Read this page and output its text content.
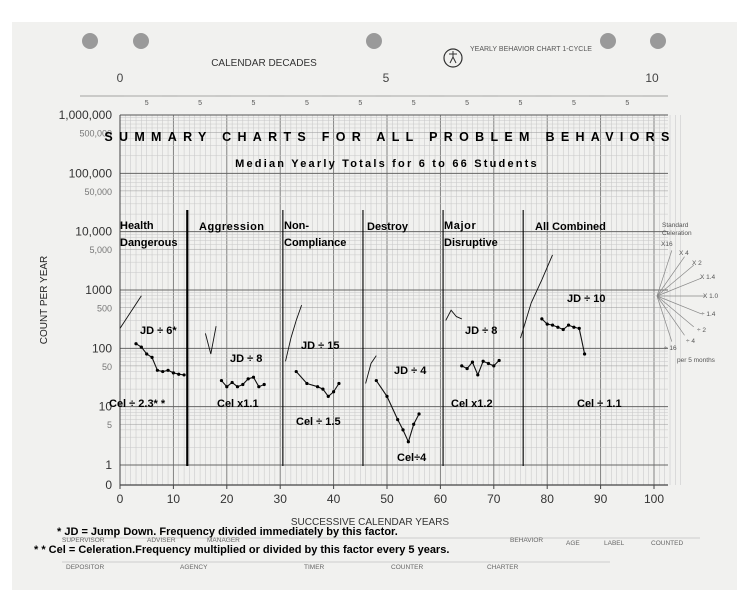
CALENDAR DECADES
YEARLY BEHAVIOR CHART 1-CYCLE
0	5	10
5	5	5	5	5	5	5	5	5	5
1,000,000
500,000
100,000
50,000
10,000
5,000
1000
500
100
50
10
5
1
0
0	10	20	30	40	50	60	70	80	90	100
COUNT PER YEAR
SUCCESSIVE CALENDAR YEARS
SUMMARY CHARTS FOR ALL PROBLEM BEHAVIORS
Median Yearly Totals for 6 to 66 Students
Health
Dangerous
Aggression Non-
Compliance
Destroy	Major
Disruptive
All Combined
JD ÷ 6*
Cel ÷ 2.3* *
JD ÷ 8
Cel x1.1
JD ÷ 15
Cel ÷ 1.5
JD ÷ 4
Cel÷4
JD ÷ 8
Cel x1.2
JD ÷ 10
Cel ÷ 1.1
Standard
Celeration
X16
X 4
X 2
X 1.4
X 1.0
÷ 1.4
÷ 2
÷ 4
÷ 16
per 5 months
* JD = Jump Down. Frequency divided immediately by this factor.
* * Cel = Celeration.Frequency multiplied or divided by this factor every 5 years.
SUPERVISOR	ADVISER	MANAGER	BEHAVIOR	AGE	LABEL	COUNTED
DEPOSITOR	AGENCY	TIMER	COUNTER	CHARTER
